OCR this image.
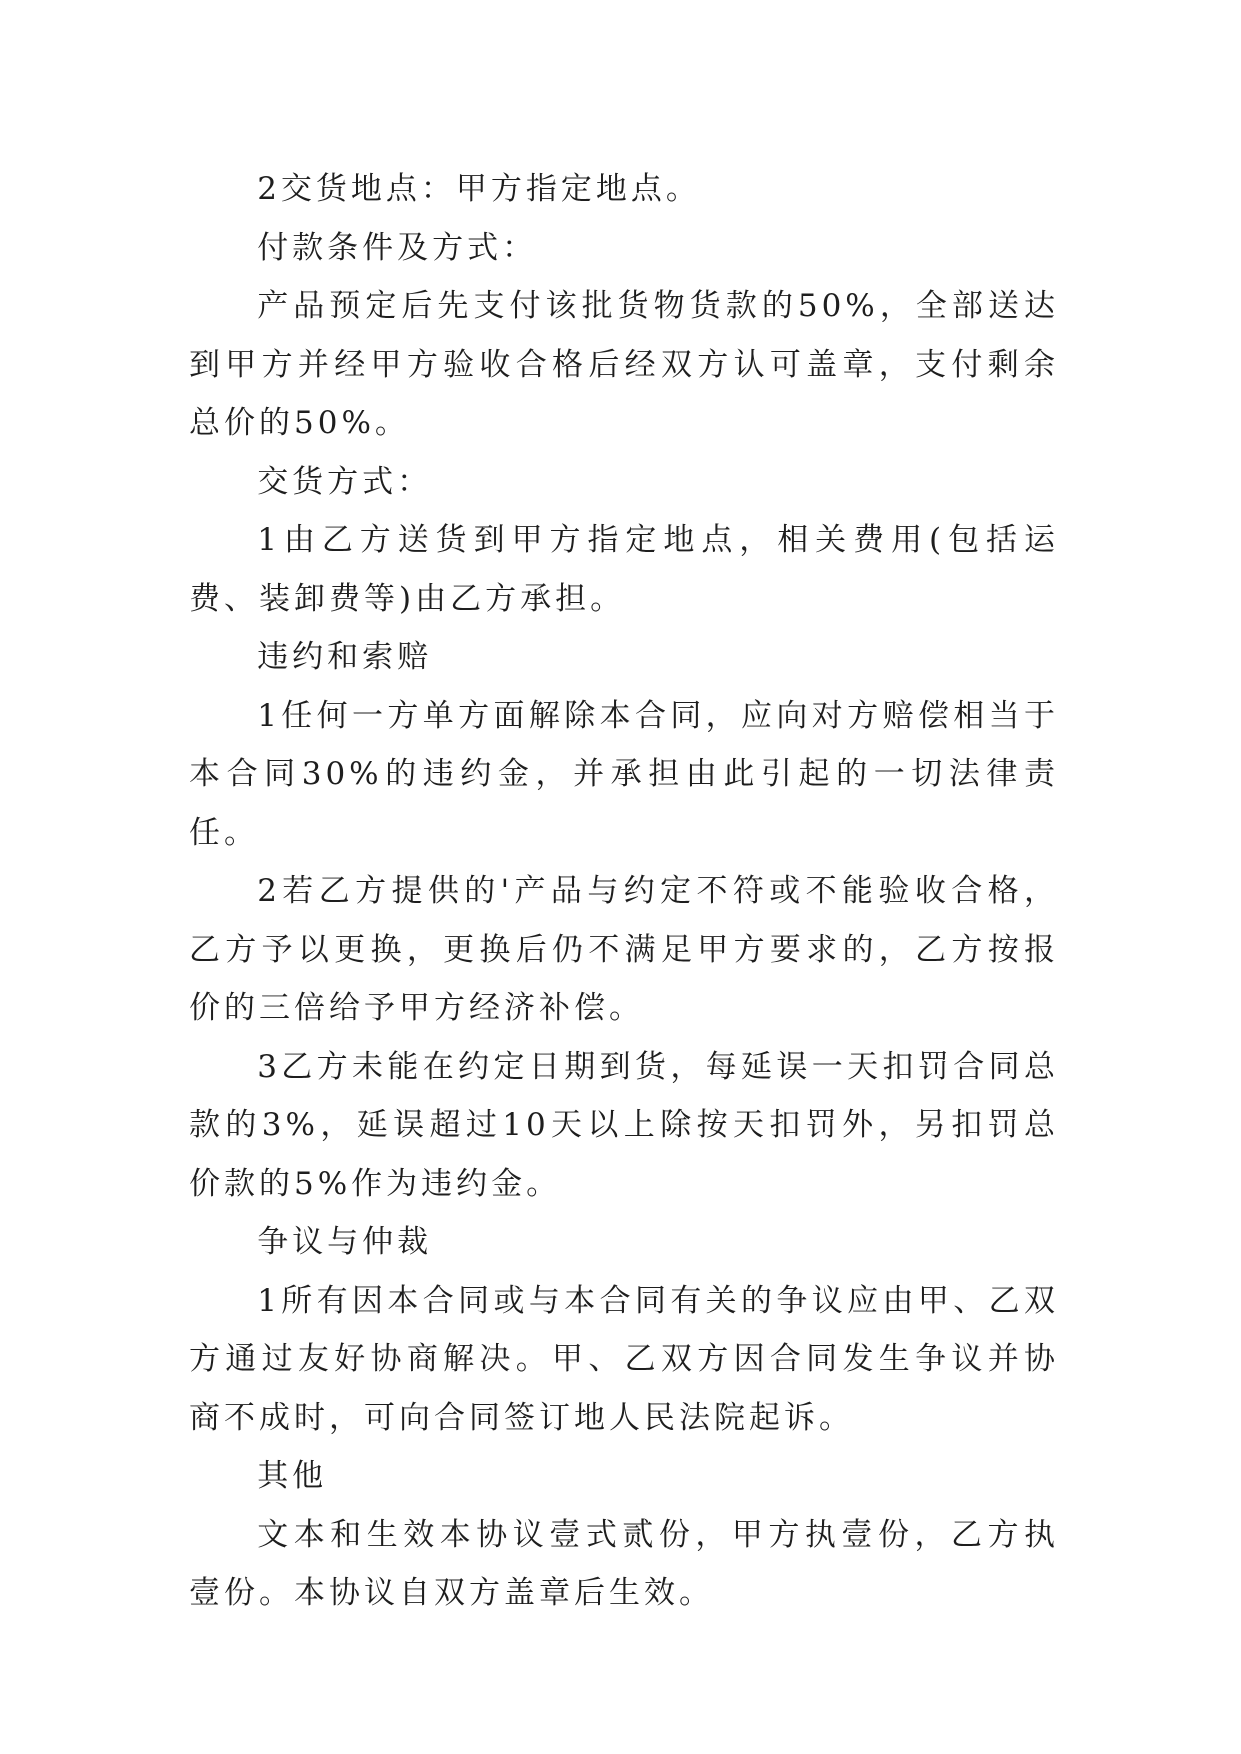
2交货地点：甲方指定地点。

付款条件及方式：

产品预定后先支付该批货物货款的50%，全部送达到甲方并经甲方验收合格后经双方认可盖章，支付剩余总价的50%。

交货方式：

1由乙方送货到甲方指定地点，相关费用(包括运费、装卸费等)由乙方承担。

违约和索赔

1任何一方单方面解除本合同，应向对方赔偿相当于本合同30%的违约金，并承担由此引起的一切法律责任。

2若乙方提供的'产品与约定不符或不能验收合格，乙方予以更换，更换后仍不满足甲方要求的，乙方按报价的三倍给予甲方经济补偿。

3乙方未能在约定日期到货，每延误一天扣罚合同总款的3%，延误超过10天以上除按天扣罚外，另扣罚总价款的5%作为违约金。

争议与仲裁

1所有因本合同或与本合同有关的争议应由甲、乙双方通过友好协商解决。甲、乙双方因合同发生争议并协商不成时，可向合同签订地人民法院起诉。

其他

文本和生效本协议壹式贰份，甲方执壹份，乙方执壹份。本协议自双方盖章后生效。
